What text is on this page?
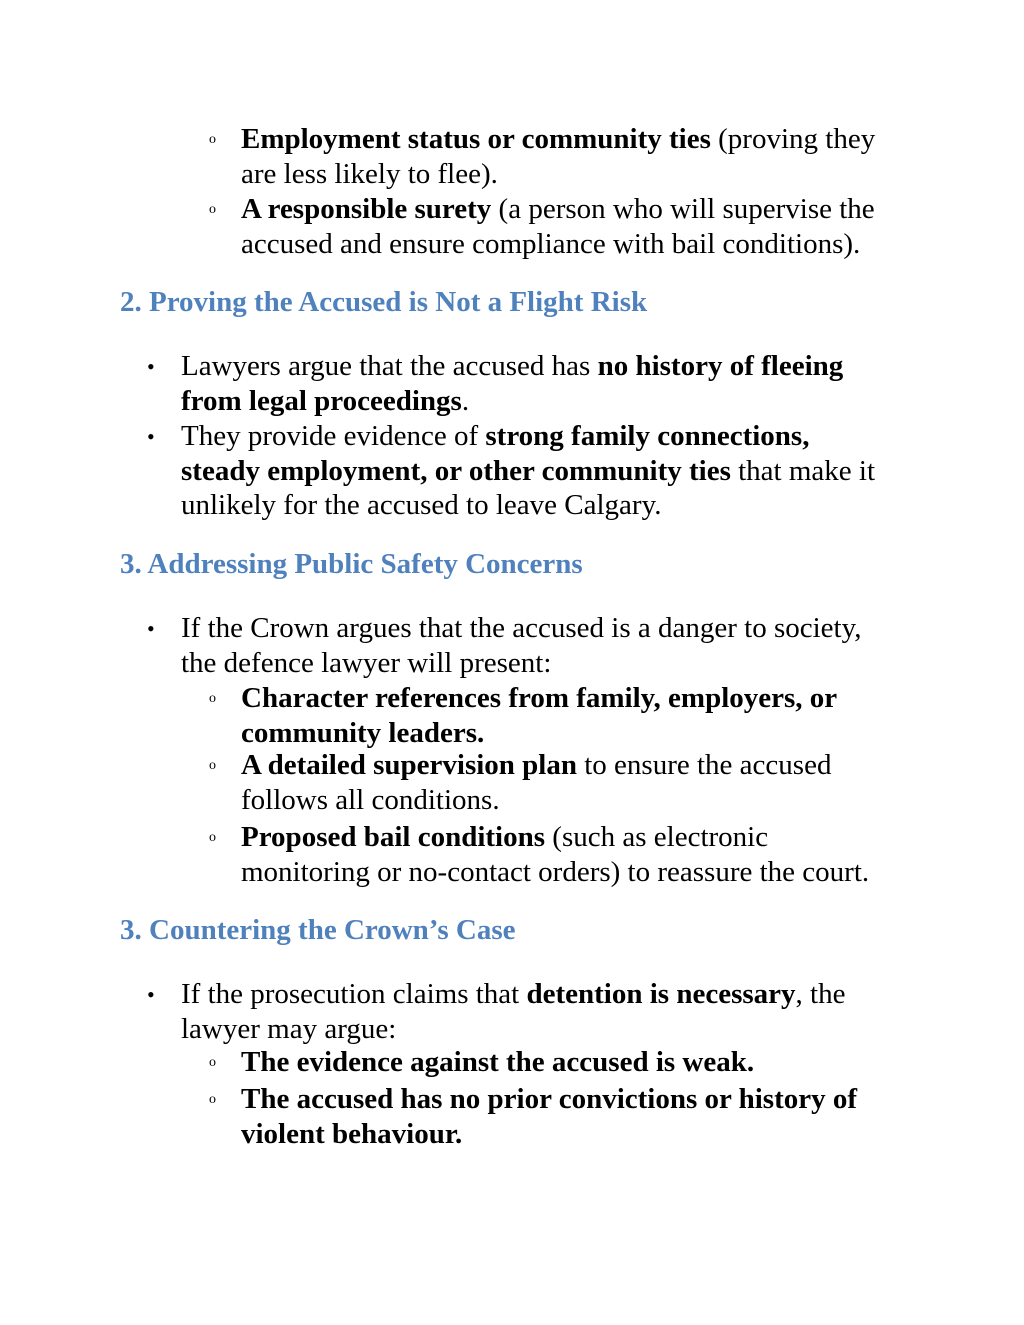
o Employment status or community ties (proving they
are less likely to flee).
o A responsible surety (a person who will supervise the
accused and ensure compliance with bail conditions).
2. Proving the Accused is Not a Flight Risk
• Lawyers argue that the accused has no history of fleeing
from legal proceedings.
• They provide evidence of strong family connections,
steady employment, or other community ties that make it
unlikely for the accused to leave Calgary.
3. Addressing Public Safety Concerns
• If the Crown argues that the accused is a danger to society,
the defence lawyer will present:
o Character references from family, employers, or
community leaders.
o A detailed supervision plan to ensure the accused
follows all conditions.
o Proposed bail conditions (such as electronic
monitoring or no-contact orders) to reassure the court.
3. Countering the Crown’s Case
• If the prosecution claims that detention is necessary, the
lawyer may argue:
o The evidence against the accused is weak.
o The accused has no prior convictions or history of
violent behaviour.
